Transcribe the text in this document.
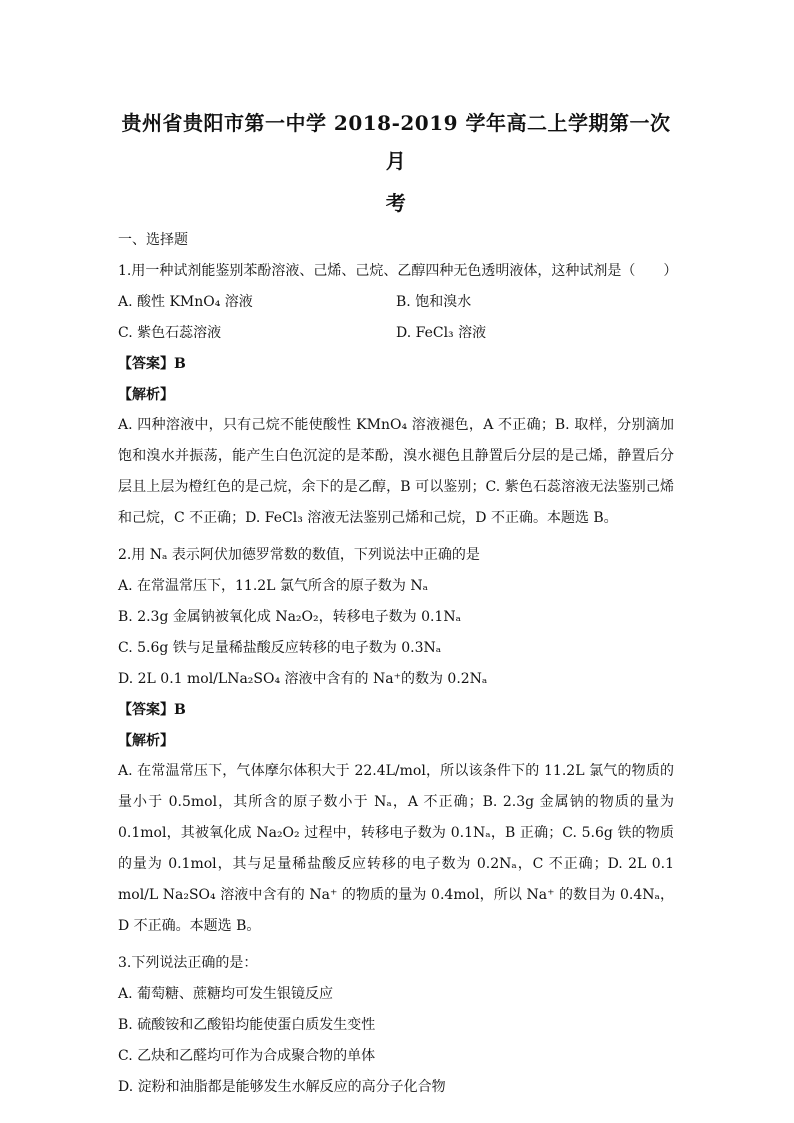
贵州省贵阳市第一中学 2018-2019 学年高二上学期第一次月
考
一、选择题
1.用一种试剂能鉴别苯酚溶液、己烯、己烷、乙醇四种无色透明液体，这种试剂是（　　）
A. 酸性 KMnO₄ 溶液	B. 饱和溴水
C. 紫色石蕊溶液	D. FeCl₃ 溶液
【答案】B
【解析】
A. 四种溶液中，只有己烷不能使酸性 KMnO₄ 溶液褪色，A 不正确；B. 取样，分别滴加饱和溴水并振荡，能产生白色沉淀的是苯酚，溴水褪色且静置后分层的是己烯，静置后分层且上层为橙红色的是己烷，余下的是乙醇，B 可以鉴别；C. 紫色石蕊溶液无法鉴别己烯和己烷，C 不正确；D. FeCl₃ 溶液无法鉴别己烯和己烷，D 不正确。本题选 B。
2.用 Nₐ 表示阿伏加德罗常数的数值，下列说法中正确的是
A. 在常温常压下，11.2L 氯气所含的原子数为 Nₐ
B. 2.3g 金属钠被氧化成 Na₂O₂，转移电子数为 0.1Nₐ
C. 5.6g 铁与足量稀盐酸反应转移的电子数为 0.3Nₐ
D. 2L 0.1 mol/LNa₂SO₄ 溶液中含有的 Na⁺的数为 0.2Nₐ
【答案】B
【解析】
A. 在常温常压下，气体摩尔体积大于 22.4L/mol，所以该条件下的 11.2L 氯气的物质的量小于 0.5mol，其所含的原子数小于 Nₐ，A 不正确；B. 2.3g 金属钠的物质的量为 0.1mol，其被氧化成 Na₂O₂ 过程中，转移电子数为 0.1Nₐ，B 正确；C. 5.6g 铁的物质的量为 0.1mol，其与足量稀盐酸反应转移的电子数为 0.2Nₐ，C 不正确；D. 2L 0.1 mol/L Na₂SO₄ 溶液中含有的 Na⁺ 的物质的量为 0.4mol，所以 Na⁺ 的数目为 0.4Nₐ，D 不正确。本题选 B。
3.下列说法正确的是：
A. 葡萄糖、蔗糖均可发生银镜反应
B. 硫酸铵和乙酸铅均能使蛋白质发生变性
C. 乙炔和乙醛均可作为合成聚合物的单体
D. 淀粉和油脂都是能够发生水解反应的高分子化合物
